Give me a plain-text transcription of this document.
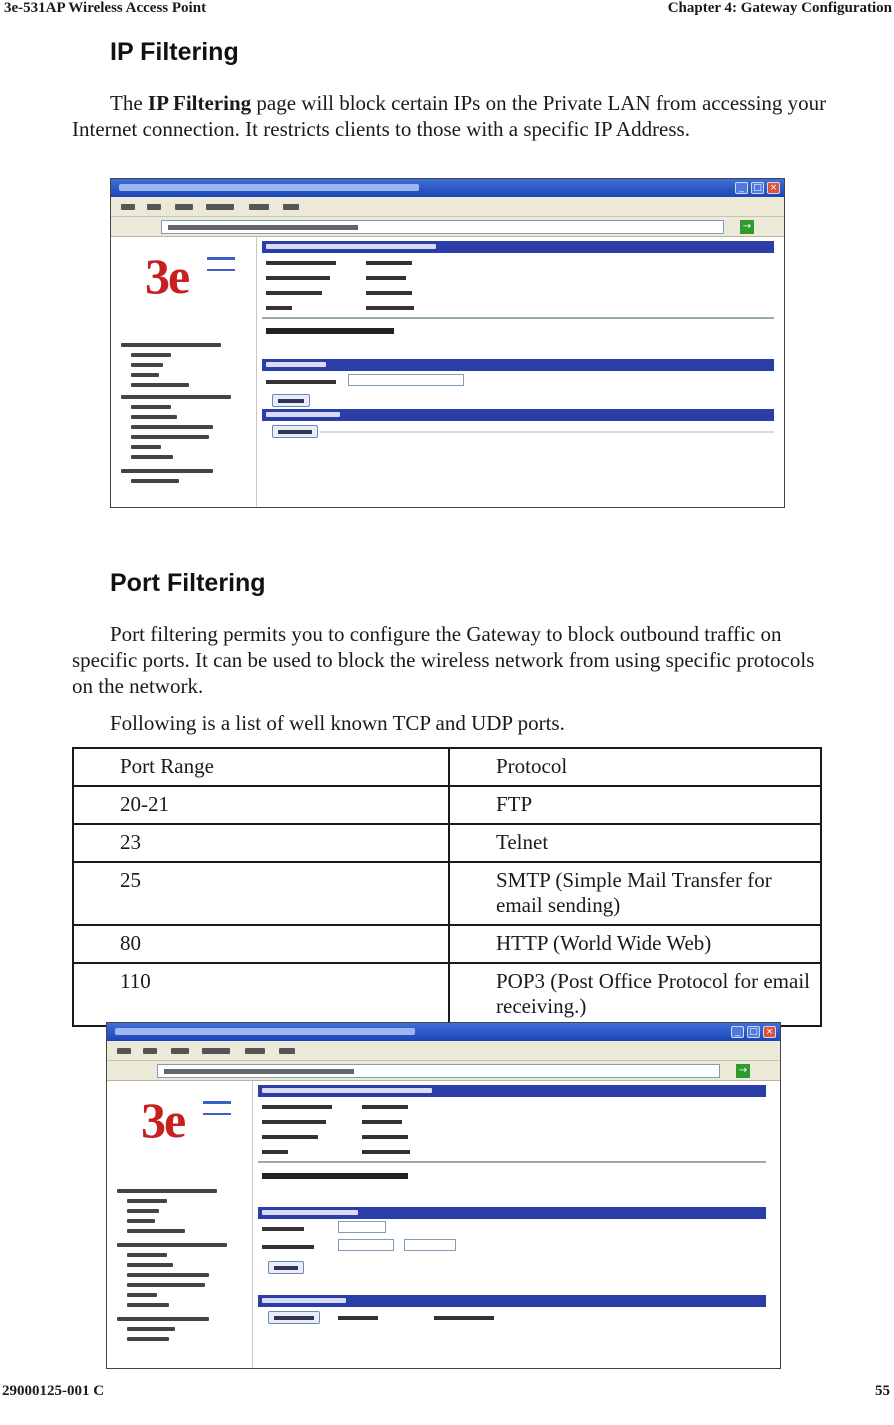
3e-531AP Wireless Access Point	Chapter 4: Gateway Configuration
IP Filtering

The IP Filtering page will block certain IPs on the Private LAN from accessing your Internet connection. It restricts clients to those with a specific IP Address.

_	□ ×
→
3e
Port Filtering

Port filtering permits you to configure the Gateway to block outbound traffic on specific ports. It can be used to block the wireless network from using specific protocols on the network.

Following is a list of well known TCP and UDP ports.

Port Range	Protocol
20-21	FTP
23	Telnet
25	SMTP (Simple Mail Transfer for email sending)
80	HTTP (World Wide Web)
110	POP3 (Post Office Protocol for email receiving.)
_	□ ×
→
3e
29000125-001 C	55
